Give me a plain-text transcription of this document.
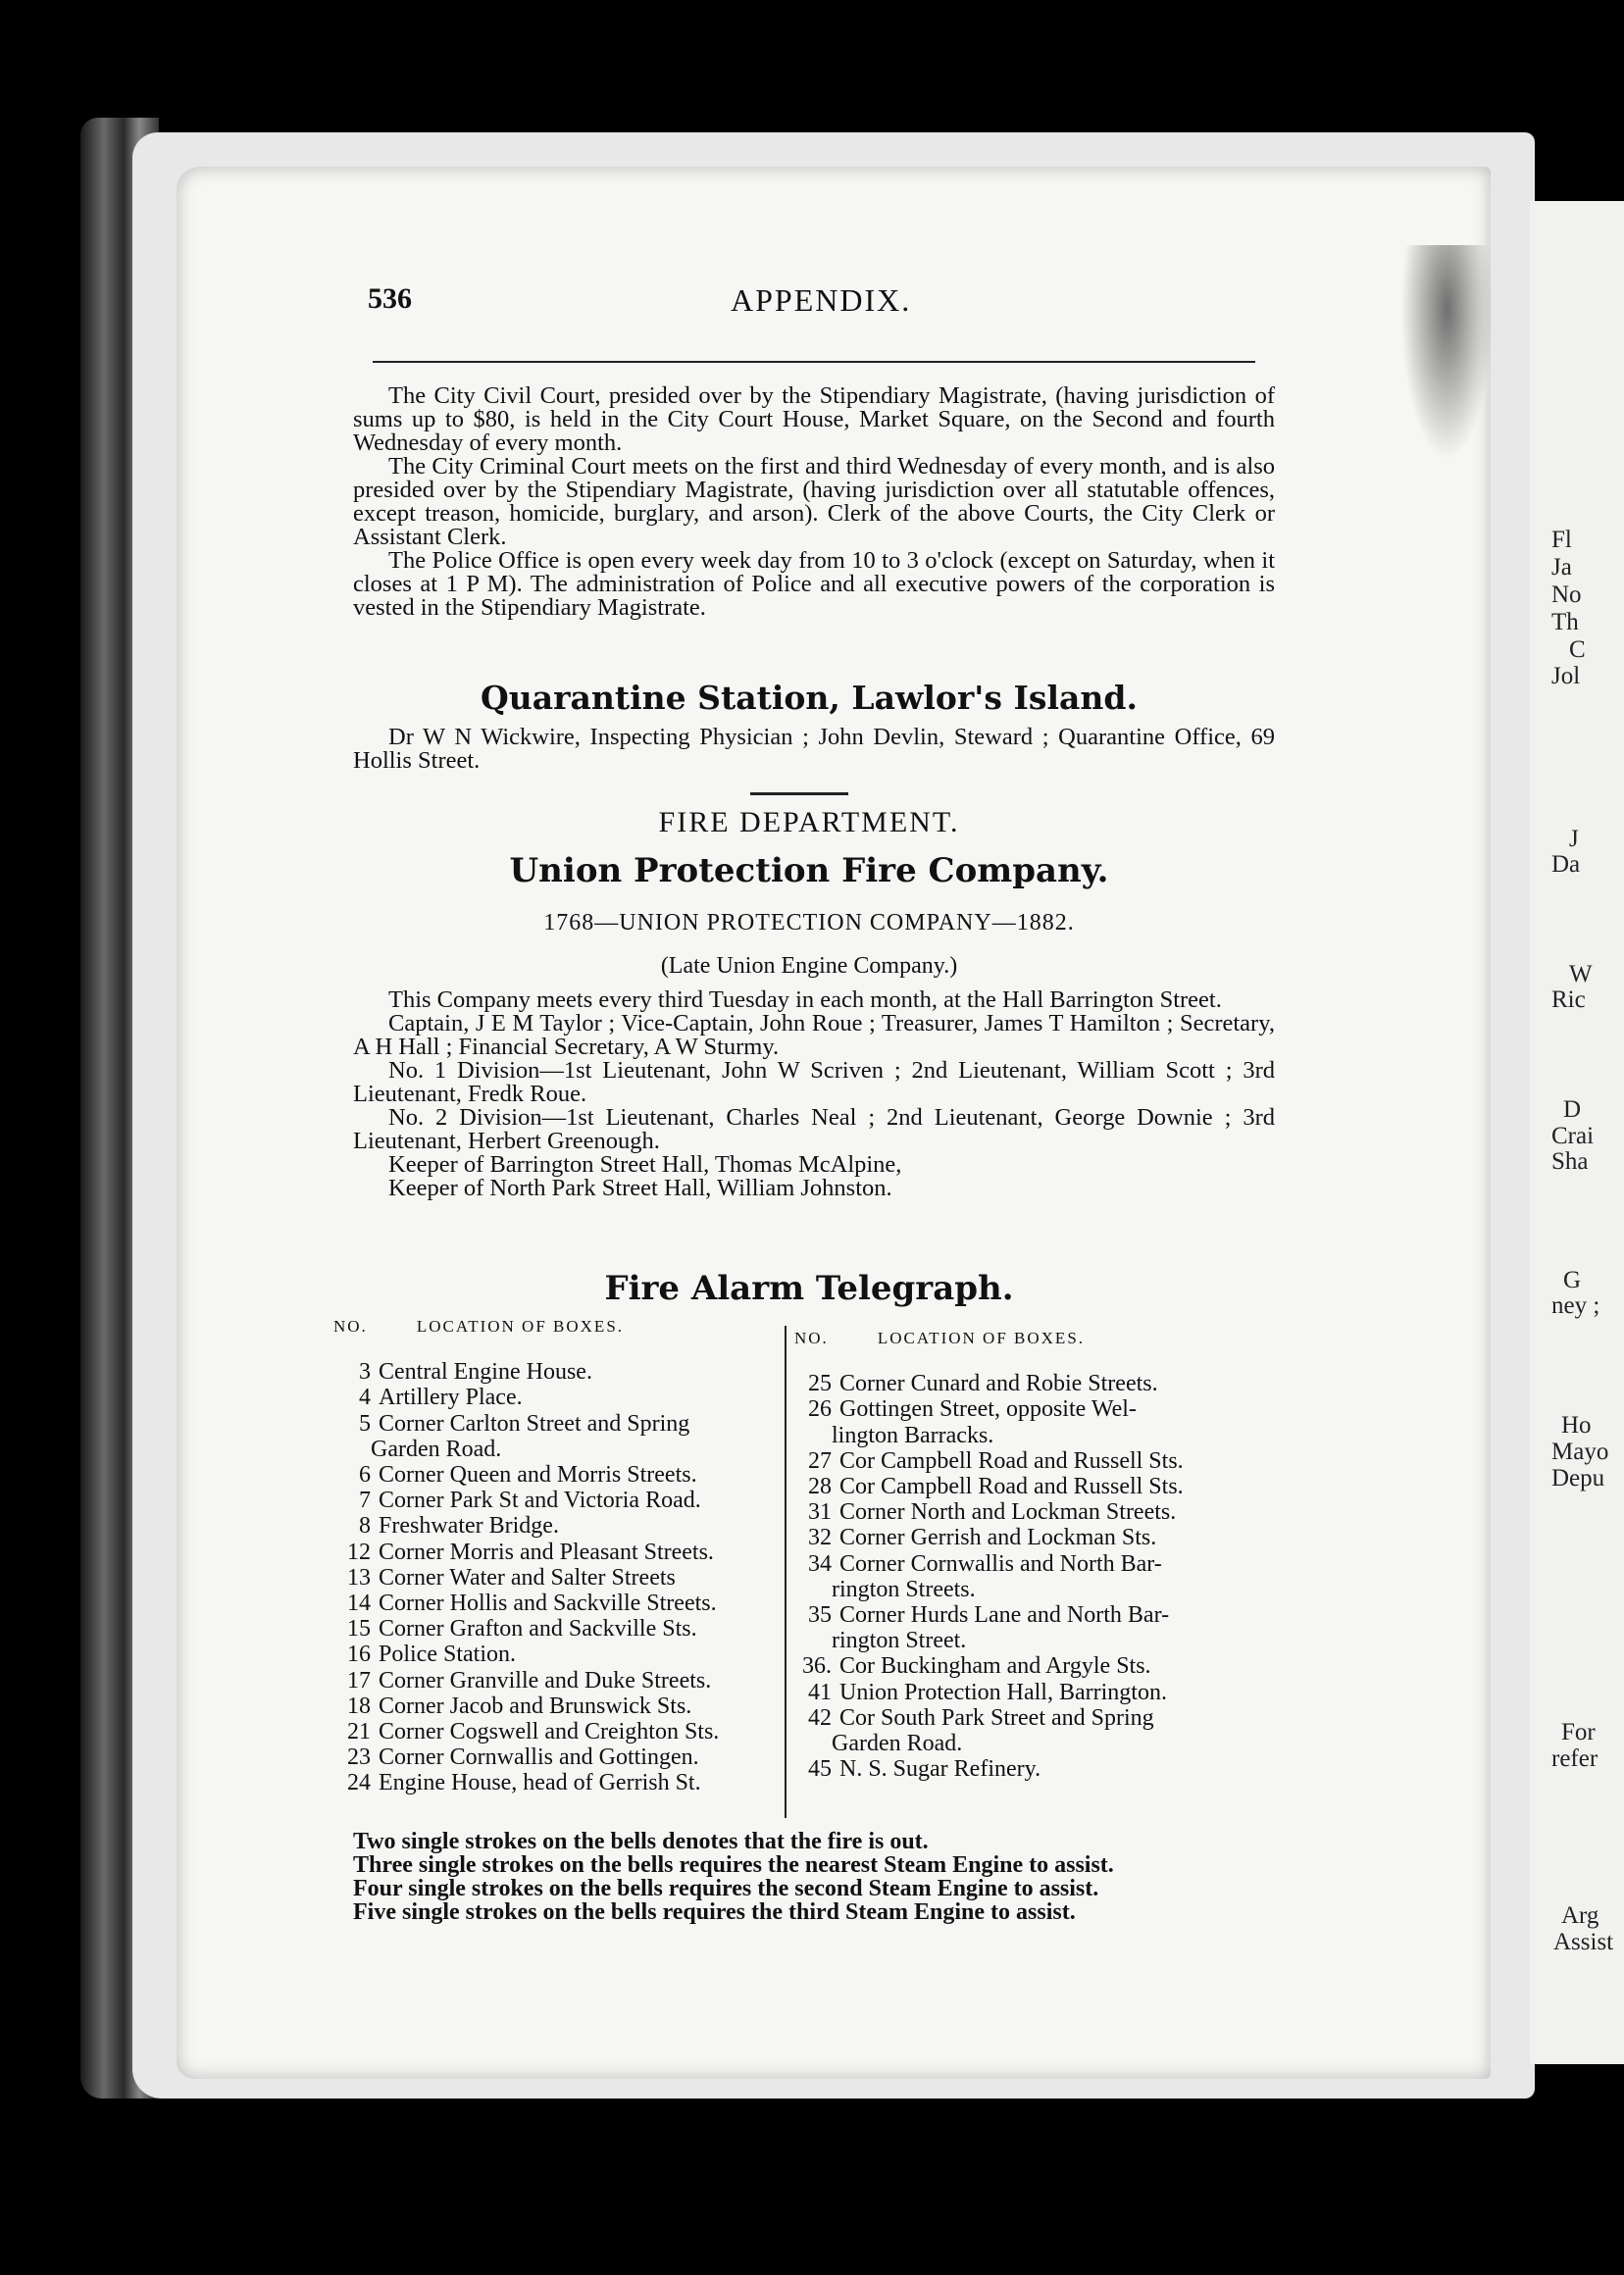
Fl
Ja
No
Th
C
Jol
J
Da
W
Ric
D
Crai
Sha
G
ney ;
Ho
Mayo
Depu
For
refer
Arg
Assist
536	APPENDIX.

The City Civil Court, presided over by the Stipendiary Magistrate, (having jurisdiction of sums up to $80, is held in the City Court House, Market Square, on the Second and fourth Wednesday of every month.

The City Criminal Court meets on the first and third Wednesday of every month, and is also presided over by the Stipendiary Magistrate, (having jurisdiction over all statutable offences, except treason, homicide, burglary, and arson). Clerk of the above Courts, the City Clerk or Assistant Clerk.

The Police Office is open every week day from 10 to 3 o'clock (except on Saturday, when it closes at 1 P M). The administration of Police and all executive powers of the corporation is vested in the Stipendiary Magistrate.

Quarantine Station, Lawlor's Island.

Dr W N Wickwire, Inspecting Physician ; John Devlin, Steward ; Quarantine Office, 69 Hollis Street.

FIRE DEPARTMENT.
Union Protection Fire Company.
1768—UNION PROTECTION COMPANY—1882.
(Late Union Engine Company.)

This Company meets every third Tuesday in each month, at the Hall Barrington Street.

Captain, J E M Taylor ; Vice-Captain, John Roue ; Treasurer, James T Hamilton ; Secretary, A H Hall ; Financial Secretary, A W Sturmy.

No. 1 Division—1st Lieutenant, John W Scriven ; 2nd Lieutenant, William Scott ; 3rd Lieutenant, Fredk Roue.

No. 2 Division—1st Lieutenant, Charles Neal ; 2nd Lieutenant, George Downie ; 3rd Lieutenant, Herbert Greenough.

Keeper of Barrington Street Hall, Thomas McAlpine,

Keeper of North Park Street Hall, William Johnston.

Fire Alarm Telegraph.
NO.	LOCATION OF BOXES.
3 Central Engine House.
4 Artillery Place.
5 Corner Carlton Street and Spring
Garden Road.
6 Corner Queen and Morris Streets.
7 Corner Park St and Victoria Road.
8 Freshwater Bridge.
12 Corner Morris and Pleasant Streets.
13 Corner Water and Salter Streets
14 Corner Hollis and Sackville Streets.
15 Corner Grafton and Sackville Sts.
16 Police Station.
17 Corner Granville and Duke Streets.
18 Corner Jacob and Brunswick Sts.
21 Corner Cogswell and Creighton Sts.
23 Corner Cornwallis and Gottingen.
24 Engine House, head of Gerrish St.
NO.	LOCATION OF BOXES.
25 Corner Cunard and Robie Streets.
26 Gottingen Street, opposite Wel-
lington Barracks.
27 Cor Campbell Road and Russell Sts.
28 Cor Campbell Road and Russell Sts.
31 Corner North and Lockman Streets.
32 Corner Gerrish and Lockman Sts.
34 Corner Cornwallis and North Bar-
rington Streets.
35 Corner Hurds Lane and North Bar-
rington Street.
36. Cor Buckingham and Argyle Sts.
41 Union Protection Hall, Barrington.
42 Cor South Park Street and Spring
Garden Road.
45 N. S. Sugar Refinery.
Two single strokes on the bells denotes that the fire is out.
Three single strokes on the bells requires the nearest Steam Engine to assist.
Four single strokes on the bells requires the second Steam Engine to assist.
Five single strokes on the bells requires the third Steam Engine to assist.
